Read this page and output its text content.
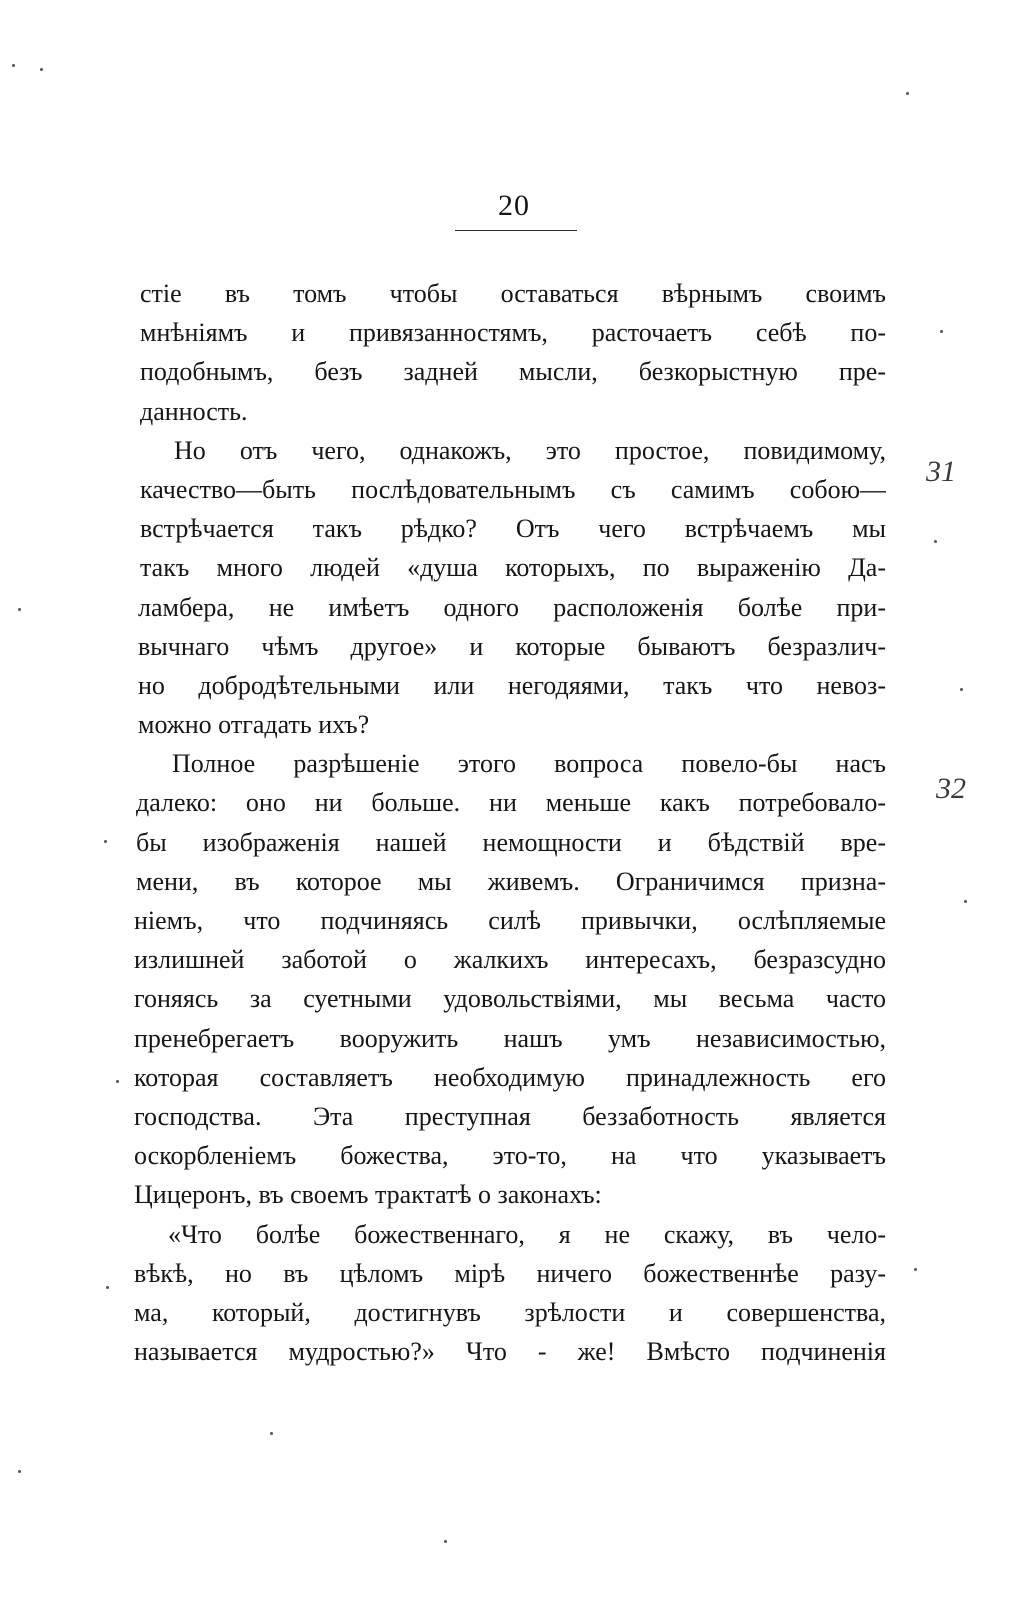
20
стіе въ томъ чтобы оставаться вѣрнымъ своимъ
мнѣніямъ и привязанностямъ, расточаетъ себѣ по-
подобнымъ, безъ задней мысли, безкорыстную пре-
данность.
Но отъ чего, однакожъ, это простое, повидимому,
качество—быть послѣдовательнымъ съ самимъ собою—
встрѣчается такъ рѣдко? Отъ чего встрѣчаемъ мы
такъ много людей «душа которыхъ, по выраженію Да-
ламбера, не имѣетъ одного расположенія болѣе при-
вычнаго чѣмъ другое» и которые бываютъ безразлич-
но добродѣтельными или негодяями, такъ что невоз-
можно отгадать ихъ?
Полное разрѣшеніе этого вопроса повело-бы насъ
далеко: оно ни больше. ни меньше какъ потребовало-
бы изображенія нашей немощности и бѣдствій вре-
мени, въ которое мы живемъ. Ограничимся призна-
ніемъ, что подчиняясь силѣ привычки, ослѣпляемые
излишней заботой о жалкихъ интересахъ, безразсудно
гоняясь за суетными удовольствіями, мы весьма часто
пренебрегаетъ вооружить нашъ умъ независимостью,
которая составляетъ необходимую принадлежность его
господства. Эта преступная беззаботность является
оскорбленіемъ божества, это-то, на что указываетъ
Цицеронъ, въ своемъ трактатѣ о законахъ:
«Что болѣе божественнаго, я не скажу, въ чело-
вѣкѣ, но въ цѣломъ мірѣ ничего божественнѣе разу-
ма, который, достигнувъ зрѣлости и совершенства,
называется мудростью?» Что - же! Вмѣсто подчиненія
31
32
